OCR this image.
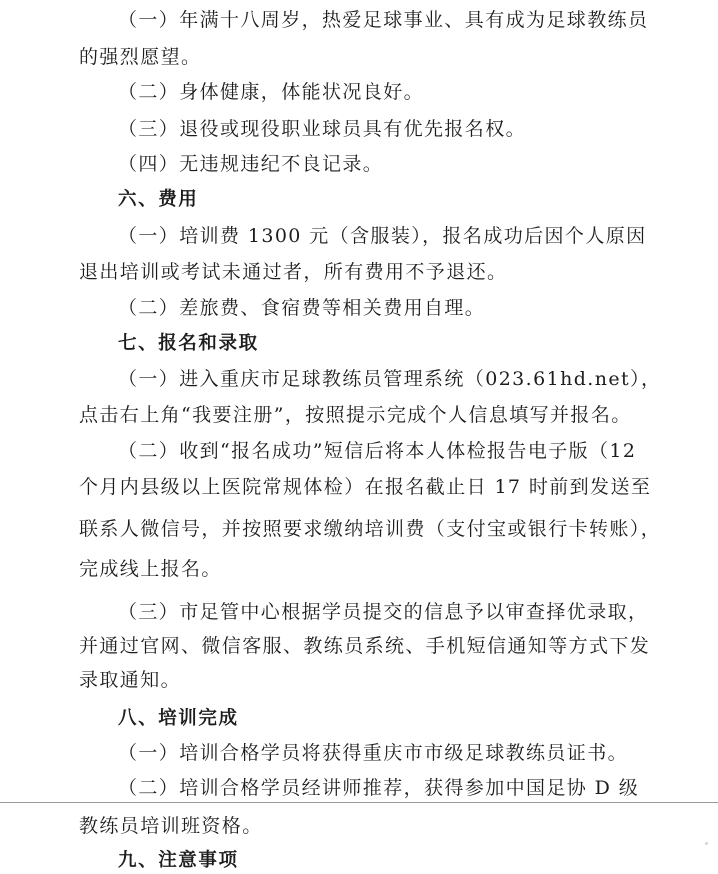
（一）年满十八周岁，热爱足球事业、具有成为足球教练员

的强烈愿望。

（二）身体健康，体能状况良好。

（三）退役或现役职业球员具有优先报名权。

（四）无违规违纪不良记录。

六、费用

（一）培训费 1300 元（含服装），报名成功后因个人原因

退出培训或考试未通过者，所有费用不予退还。

（二）差旅费、食宿费等相关费用自理。

七、报名和录取

（一）进入重庆市足球教练员管理系统（023.61hd.net），

点击右上角“我要注册”，按照提示完成个人信息填写并报名。

（二）收到“报名成功”短信后将本人体检报告电子版（12

个月内县级以上医院常规体检）在报名截止日 17 时前到发送至

联系人微信号，并按照要求缴纳培训费（支付宝或银行卡转账），

完成线上报名。

（三）市足管中心根据学员提交的信息予以审查择优录取，

并通过官网、微信客服、教练员系统、手机短信通知等方式下发

录取通知。

八、培训完成

（一）培训合格学员将获得重庆市市级足球教练员证书。

（二）培训合格学员经讲师推荐，获得参加中国足协 D 级

教练员培训班资格。

九、注意事项
